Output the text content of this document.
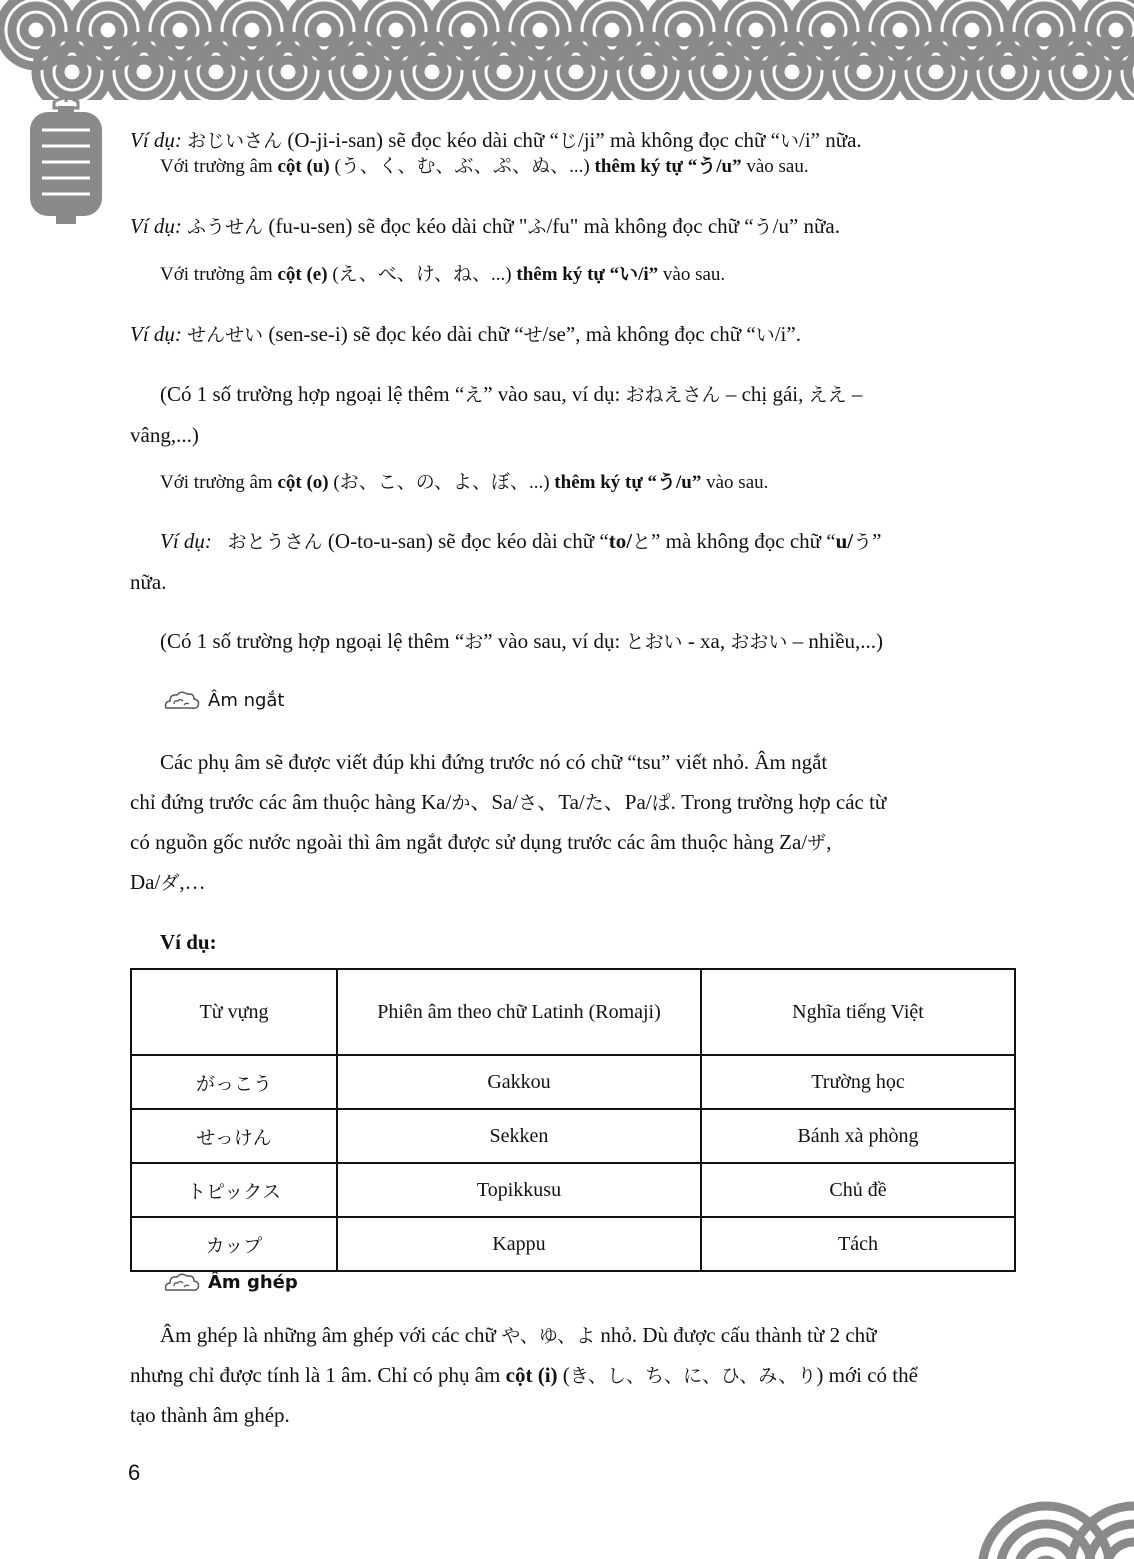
Ví dụ: おじいさん (O-ji-i-san) sẽ đọc kéo dài chữ “じ/ji” mà không đọc chữ “い/i” nữa.
Với trường âm cột (u) (う、く、む、ぶ、ぷ、ぬ、...) thêm ký tự “う/u” vào sau.
Ví dụ: ふうせん (fu-u-sen) sẽ đọc kéo dài chữ "ふ/fu" mà không đọc chữ “う/u” nữa.
Với trường âm cột (e) (え、べ、け、ね、...) thêm ký tự “い/i” vào sau.
Ví dụ: せんせい (sen-se-i) sẽ đọc kéo dài chữ “せ/se”, mà không đọc chữ “い/i”.
(Có 1 số trường hợp ngoại lệ thêm “え” vào sau, ví dụ: おねえさん – chị gái, ええ –
vâng,...)
Với trường âm cột (o) (お、こ、の、よ、ぼ、...) thêm ký tự “う/u” vào sau.
Ví dụ: おとうさん (O-to-u-san) sẽ đọc kéo dài chữ “to/と” mà không đọc chữ “u/う”
nữa.
(Có 1 số trường hợp ngoại lệ thêm “お” vào sau, ví dụ: とおい - xa, おおい – nhiều,...)
Âm ngắt
Các phụ âm sẽ được viết đúp khi đứng trước nó có chữ “tsu” viết nhỏ. Âm ngắt
chỉ đứng trước các âm thuộc hàng Ka/か、Sa/さ、Ta/た、Pa/ぱ. Trong trường hợp các từ
có nguồn gốc nước ngoài thì âm ngắt được sử dụng trước các âm thuộc hàng Za/ザ,
Da/ダ,…
Ví dụ:
Từ vựng	Phiên âm theo chữ Latinh (Romaji)	Nghĩa tiếng Việt
がっこう	Gakkou	Trường học
せっけん	Sekken	Bánh xà phòng
トピックス	Topikkusu	Chủ đề
カップ	Kappu	Tách
Âm ghép
Âm ghép là những âm ghép với các chữ や、ゆ、よ nhỏ. Dù được cấu thành từ 2 chữ
nhưng chỉ được tính là 1 âm. Chỉ có phụ âm cột (i) (き、し、ち、に、ひ、み、り) mới có thể
tạo thành âm ghép.
6
